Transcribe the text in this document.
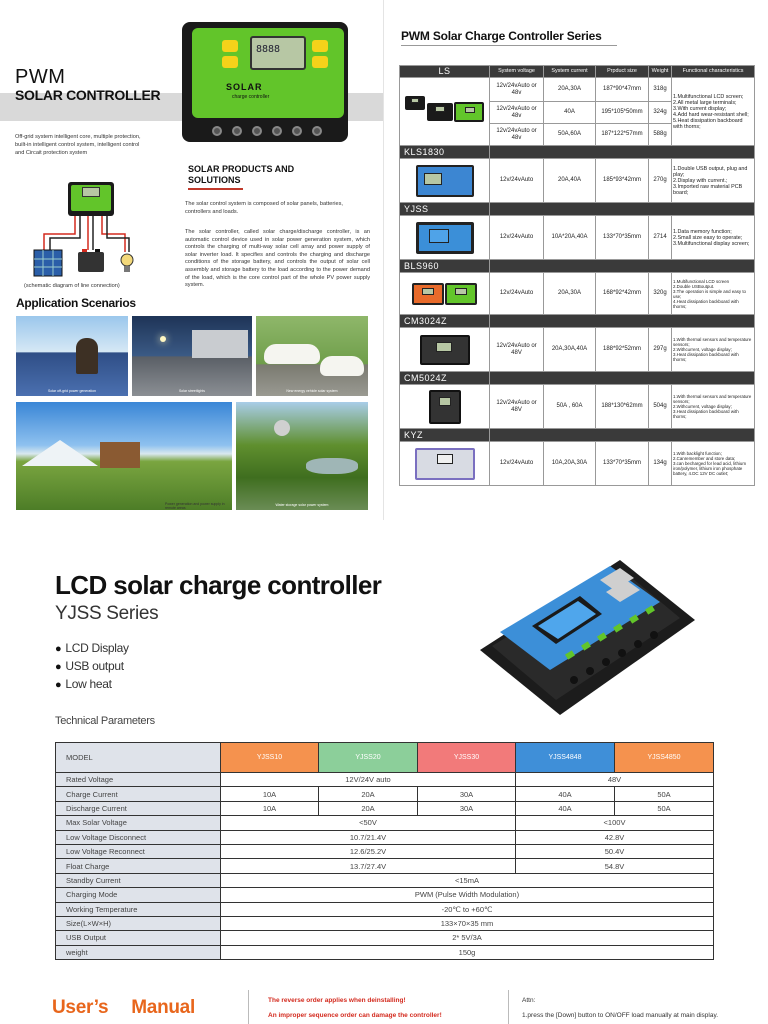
PWM
SOLAR CONTROLLER
Off-grid system intelligent core, multiple protection, built-in intelligent control system, intelligent control and Circait protection system
8888
SOLAR
charge controller
SOLAR PRODUCTS AND SOLUTIONS
The solar control system is composed of solar panels, batteries, controllers and loads.
The solar controller, called solar charge/discharge controller, is an automatic control device used in solar power generation system, which controls the charging of multi-way solar cell array and power supply of solar inverter load. It specifies and controls the charging and discharge conditions of the storage battery, and controls the output of solar cell assembly and storage battery to the load according to the power demand of the load, which is the core control part of the whole PV power supply system.
(schematic diagram of line connection)
Application Scenarios
Solar off-grid power generation	Solar streetlights	New energy vehicle solar system
Water storage solar power system
Power generation and power supply in remote areas
PWM Solar Charge Controller Series
LS	System voltage	System current	Prpduct size	Weight	Functional characteristics

	12v/24vAuto or 48v	20A,30A	187*90*47mm	318g	1.Multifunctional LCD screen;
2.All metal large terminals;
3.With current display;
4.Add hard wear-resistant shell;
5.Heat dissipation backboard with thorns;
	12v/24vAuto or 48v	40A	195*105*50mm	324g	
	12v/24vAuto or 48v	50A,60A	187*122*57mm	588g	
KLS1830					

	12v/24vAuto	20A,40A	185*93*42mm	270g	1.Double USB output, plug and play;
2.Display with current.;
3.Imported raw material PCB board;
YJSS					

	12v/24vAuto	10A*20A,40A	133*70*35mm	2714	1.Data memory function;
2.Small size easy to operate;
3.Multifunctional display screen;
BLS960					

	12v/24vAuto	20A,30A	168*92*42mm	320g	1.Multifunctional LCD screen
2.Double USBoutput.
3.The operation is simple and easy to use;
4.Heat dissipation backboard with thorns;
CM3024Z					

	12v/24vAuto or 48V	20A,30A,40A	188*92*52mm	297g	1.With thermal sensors and temperature sensors;
2.Withcurrent, voltage display;
3.Heat dissipation backboard with thorns;
CM5024Z					

	12v/24vAuto or 48V	50A , 60A	188*130*62mm	504g	1.With thermal sensors and temperature sensors;
2.Withcurrent, voltage display;
3.Heat dissipation backboard with thorns;
KYZ					

	12v/24vAuto	10A,20A,30A	133*70*35mm	134g	1.With backlight function;
2.Canremember and store data;
3.can becharged for lead acid, lithium iron/polymer, lithium iron phosphate battery, 4.DC 12V DC outlet;
LCD solar charge controller
YJSS Series
● LCD Display
● USB output
● Low heat
Technical Parameters
MODEL	YJSS10	YJSS20	YJSS30	YJSS4848	YJSS4850
Rated Voltage	12V/24V auto			48V	
Charge Current	10A	20A	30A	40A	50A
Discharge Current	10A	20A	30A	40A	50A
Max Solar Voltage	<50V			<100V	
Low Voltage Disconnect	10.7/21.4V			42.8V	
Low Voltage Reconnect	12.6/25.2V			50.4V	
Float Charge	13.7/27.4V			54.8V	
Standby Current	<15mA				
Charging Mode	PWM (Pulse Width Modulation)				
Working Temperature	-20℃ to +60℃				
Size(L×W×H)	133×70×35 mm				
USB Output	2* 5V/3A				
weight	150g				
User’s Manual	The reverse order applies when deinstalling!
An improper sequence order can damage the controller!
Attn:
1.press the [Down] button to ON/OFF load manually at main display.
